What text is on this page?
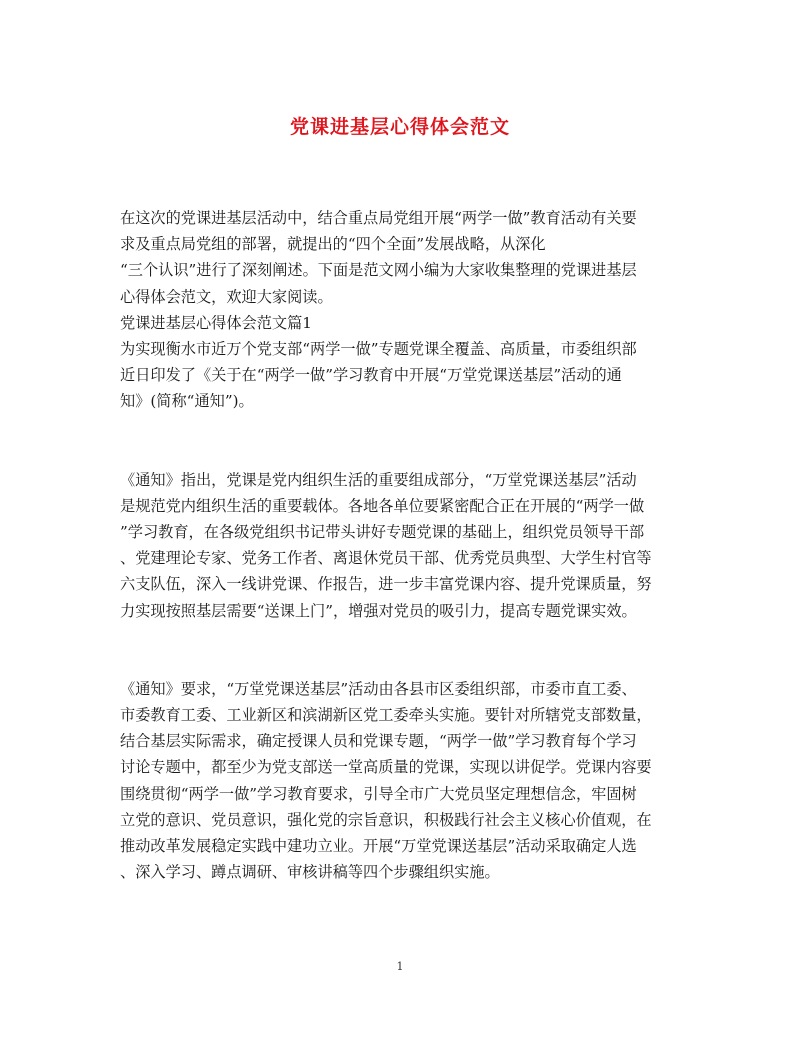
党课进基层心得体会范文
在这次的党课进基层活动中，结合重点局党组开展“两学一做”教育活动有关要
求及重点局党组的部署，就提出的“四个全面”发展战略，从深化
“三个认识”进行了深刻阐述。下面是范文网小编为大家收集整理的党课进基层
心得体会范文，欢迎大家阅读。
党课进基层心得体会范文篇1
为实现衡水市近万个党支部“两学一做”专题党课全覆盖、高质量，市委组织部
近日印发了《关于在“两学一做”学习教育中开展“万堂党课送基层”活动的通
知》(简称“通知”)。
《通知》指出，党课是党内组织生活的重要组成部分，“万堂党课送基层”活动
是规范党内组织生活的重要载体。各地各单位要紧密配合正在开展的“两学一做
”学习教育，在各级党组织书记带头讲好专题党课的基础上，组织党员领导干部
、党建理论专家、党务工作者、离退休党员干部、优秀党员典型、大学生村官等
六支队伍，深入一线讲党课、作报告，进一步丰富党课内容、提升党课质量，努
力实现按照基层需要“送课上门”，增强对党员的吸引力，提高专题党课实效。
《通知》要求，“万堂党课送基层”活动由各县市区委组织部，市委市直工委、
市委教育工委、工业新区和滨湖新区党工委牵头实施。要针对所辖党支部数量，
结合基层实际需求，确定授课人员和党课专题，“两学一做”学习教育每个学习
讨论专题中，都至少为党支部送一堂高质量的党课，实现以讲促学。党课内容要
围绕贯彻“两学一做”学习教育要求，引导全市广大党员坚定理想信念，牢固树
立党的意识、党员意识，强化党的宗旨意识，积极践行社会主义核心价值观，在
推动改革发展稳定实践中建功立业。开展“万堂党课送基层”活动采取确定人选
、深入学习、蹲点调研、审核讲稿等四个步骤组织实施。
1
